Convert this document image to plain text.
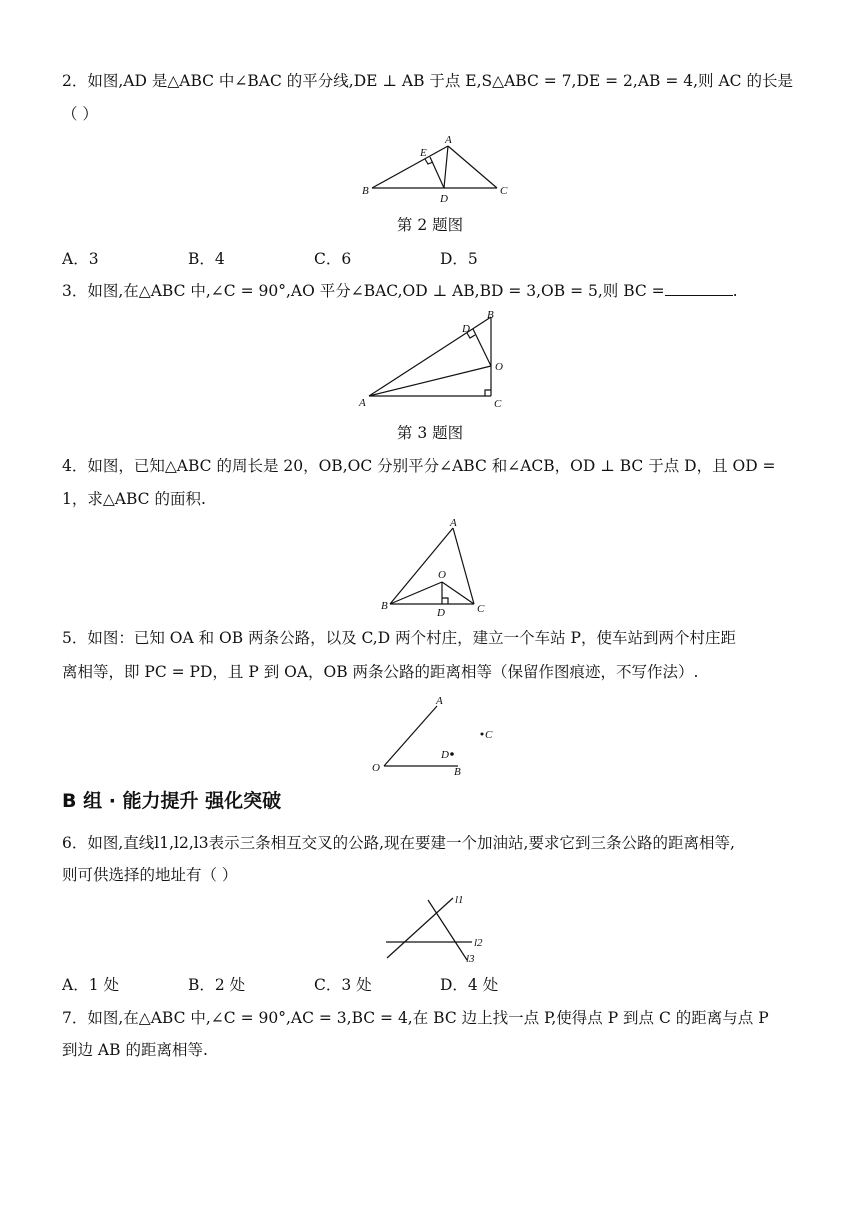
2．如图,AD 是△ABC 中∠BAC 的平分线,DE ⊥ AB 于点 E,S△ABC = 7,DE = 2,AB = 4,则 AC 的长是
（ ）
B
A
C
D
E
第 2 题图
A．3	B．4	C．6	D．5
3．如图,在△ABC 中,∠C = 90°,AO 平分∠BAC,OD ⊥ AB,BD = 3,OB = 5,则 BC =	.
A
B
C
D
O
第 3 题图
4．如图，已知△ABC 的周长是 20，OB,OC 分别平分∠ABC 和∠ACB，OD ⊥ BC 于点 D，且 OD =
1，求△ABC 的面积.
A
B	C
D
O
5．如图：已知 OA 和 OB 两条公路，以及 C,D 两个村庄，建立一个车站 P，使车站到两个村庄距
离相等，即 PC = PD，且 P 到 OA，OB 两条公路的距离相等（保留作图痕迹，不写作法）.
O
A
B
C
D
B 组 · 能力提升 强化突破
6．如图,直线l1,l2,l3表示三条相互交叉的公路,现在要建一个加油站,要求它到三条公路的距离相等,
则可供选择的地址有（ ）
l1
l2
l3
A．1 处	B．2 处	C．3 处	D．4 处
7．如图,在△ABC 中,∠C = 90°,AC = 3,BC = 4,在 BC 边上找一点 P,使得点 P 到点 C 的距离与点 P
到边 AB 的距离相等.
